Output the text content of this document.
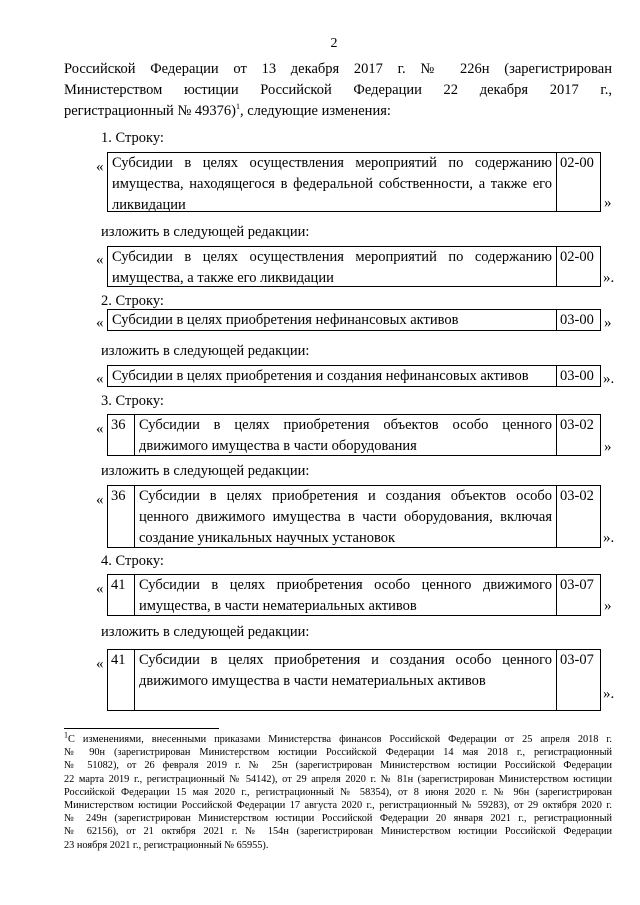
2
Российской Федерации от 13 декабря 2017 г. № 226н (зарегистрирован
Министерством юстиции Российской Федерации 22 декабря 2017 г.,
регистрационный № 49376)$^1$, следующие изменения:
1. Строку:
« Субсидии в целях осуществления мероприятий по содержанию
имущества, находящегося в федеральной собственности, а также его
ликвидации
02-00
»
изложить в следующей редакции:
« Субсидии в целях осуществления мероприятий по содержанию
имущества, а также его ликвидации
02-00
».
2. Строку:
« Субсидии в целях приобретения нефинансовых активов	03-00 »
изложить в следующей редакции:
« Субсидии в целях приобретения и создания нефинансовых активов	03-00 ».
3. Строку:
« 36 Субсидии в целях приобретения объектов особо ценного
движимого имущества в части оборудования
03-02
»
изложить в следующей редакции:
« 36 Субсидии в целях приобретения и создания объектов особо
ценного движимого имущества в части оборудования, включая
создание уникальных научных установок
03-02
».
4. Строку:
« 41 Субсидии в целях приобретения особо ценного движимого
имущества, в части нематериальных активов
03-07
»
изложить в следующей редакции:
« 41 Субсидии в целях приобретения и создания особо ценного
движимого имущества в части нематериальных активов
03-07
».
$^1$С изменениями, внесенными приказами Министерства финансов Российской Федерации от 25 апреля 2018 г.
№ 90н (зарегистрирован Министерством юстиции Российской Федерации 14 мая 2018 г., регистрационный
№ 51082), от 26 февраля 2019 г. № 25н (зарегистрирован Министерством юстиции Российской Федерации
22 марта 2019 г., регистрационный № 54142), от 29 апреля 2020 г. № 81н (зарегистрирован Министерством юстиции
Российской Федерации 15 мая 2020 г., регистрационный № 58354), от 8 июня 2020 г. № 96н (зарегистрирован
Министерством юстиции Российской Федерации 17 августа 2020 г., регистрационный № 59283), от 29 октября 2020 г.
№ 249н (зарегистрирован Министерством юстиции Российской Федерации 20 января 2021 г., регистрационный
№ 62156), от 21 октября 2021 г. № 154н (зарегистрирован Министерством юстиции Российской Федерации
23 ноября 2021 г., регистрационный № 65955).
